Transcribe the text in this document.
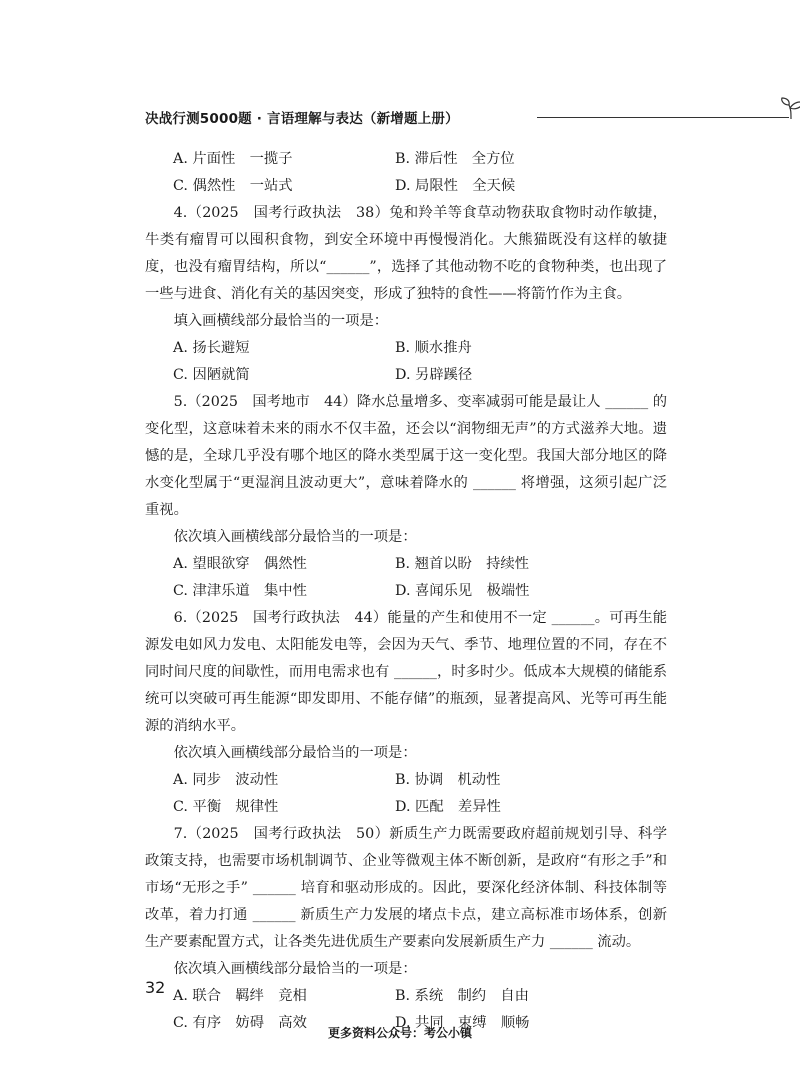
决战行测5000题 · 言语理解与表达（新增题上册）
A. 片面性　一揽子	B. 滞后性　全方位
C. 偶然性　一站式	D. 局限性　全天候

4.（2025　国考行政执法　38）兔和羚羊等食草动物获取食物时动作敏捷，牛类有瘤胃可以囤积食物，到安全环境中再慢慢消化。大熊猫既没有这样的敏捷度，也没有瘤胃结构，所以“______”，选择了其他动物不吃的食物种类，也出现了一些与进食、消化有关的基因突变，形成了独特的食性——将箭竹作为主食。

填入画横线部分最恰当的一项是：

A. 扬长避短	B. 顺水推舟
C. 因陋就简	D. 另辟蹊径

5.（2025　国考地市　44）降水总量增多、变率减弱可能是最让人 ______ 的变化型，这意味着未来的雨水不仅丰盈，还会以“润物细无声”的方式滋养大地。遗憾的是，全球几乎没有哪个地区的降水类型属于这一变化型。我国大部分地区的降水变化型属于“更湿润且波动更大”，意味着降水的 ______ 将增强，这须引起广泛重视。

依次填入画横线部分最恰当的一项是：

A. 望眼欲穿　偶然性	B. 翘首以盼　持续性
C. 津津乐道　集中性	D. 喜闻乐见　极端性

6.（2025　国考行政执法　44）能量的产生和使用不一定 ______。可再生能源发电如风力发电、太阳能发电等，会因为天气、季节、地理位置的不同，存在不同时间尺度的间歇性，而用电需求也有 ______，时多时少。低成本大规模的储能系统可以突破可再生能源“即发即用、不能存储”的瓶颈，显著提高风、光等可再生能源的消纳水平。

依次填入画横线部分最恰当的一项是：

A. 同步　波动性	B. 协调　机动性
C. 平衡　规律性	D. 匹配　差异性

7.（2025　国考行政执法　50）新质生产力既需要政府超前规划引导、科学政策支持，也需要市场机制调节、企业等微观主体不断创新，是政府“有形之手”和市场“无形之手” ______ 培育和驱动形成的。因此，要深化经济体制、科技体制等改革，着力打通 ______ 新质生产力发展的堵点卡点，建立高标准市场体系，创新生产要素配置方式，让各类先进优质生产要素向发展新质生产力 ______ 流动。

依次填入画横线部分最恰当的一项是：

A. 联合　羁绊　竞相	B. 系统　制约　自由
C. 有序　妨碍　高效	D. 共同　束缚　顺畅
32
更多资料公众号：考公小镇
